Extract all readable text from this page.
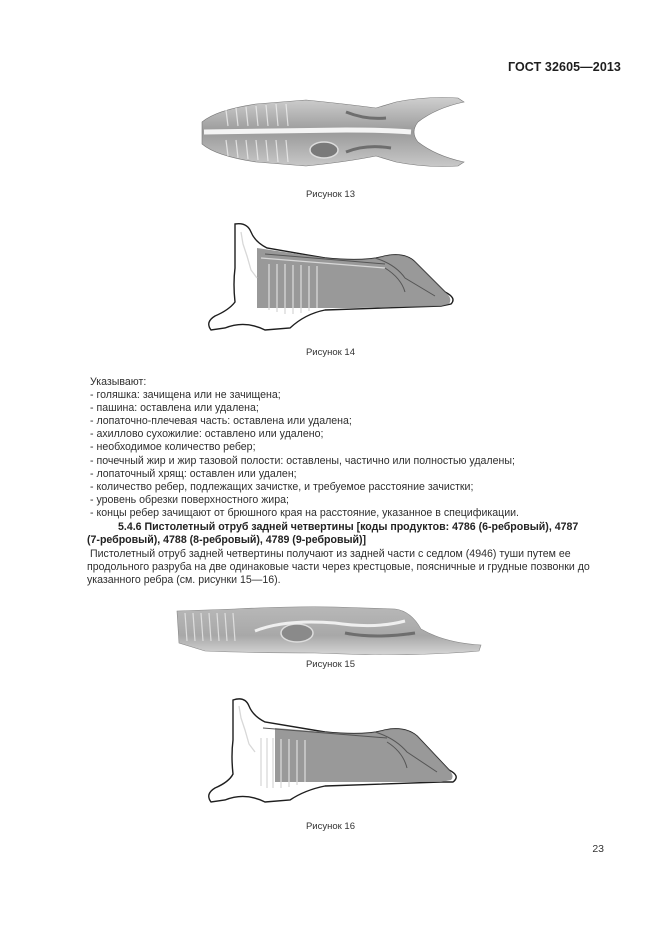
ГОСТ 32605—2013
Рисунок 13
Рисунок 14
Указывают:
- голяшка: зачищена или не зачищена;
- пашина: оставлена или удалена;
- лопаточно-плечевая часть: оставлена или удалена;
- ахиллово сухожилие: оставлено или удалено;
- необходимое количество ребер;
- почечный жир и жир тазовой полости: оставлены, частично или полностью удалены;
- лопаточный хрящ: оставлен или удален;
- количество ребер, подлежащих зачистке, и требуемое расстояние зачистки;
- уровень обрезки поверхностного жира;
- концы ребер зачищают от брюшного края на расстояние, указанное в спецификации.
5.4.6 Пистолетный отруб задней четвертины [коды продуктов: 4786 (6-ребровый), 4787
(7-ребровый), 4788 (8-ребровый), 4789 (9-ребровый)]
Пистолетный отруб задней четвертины получают из задней части с седлом (4946) туши путем ее
продольного разруба на две одинаковые части через крестцовые, поясничные и грудные позвонки до
указанного ребра (см. рисунки 15—16).
Рисунок 15
Рисунок 16
23
